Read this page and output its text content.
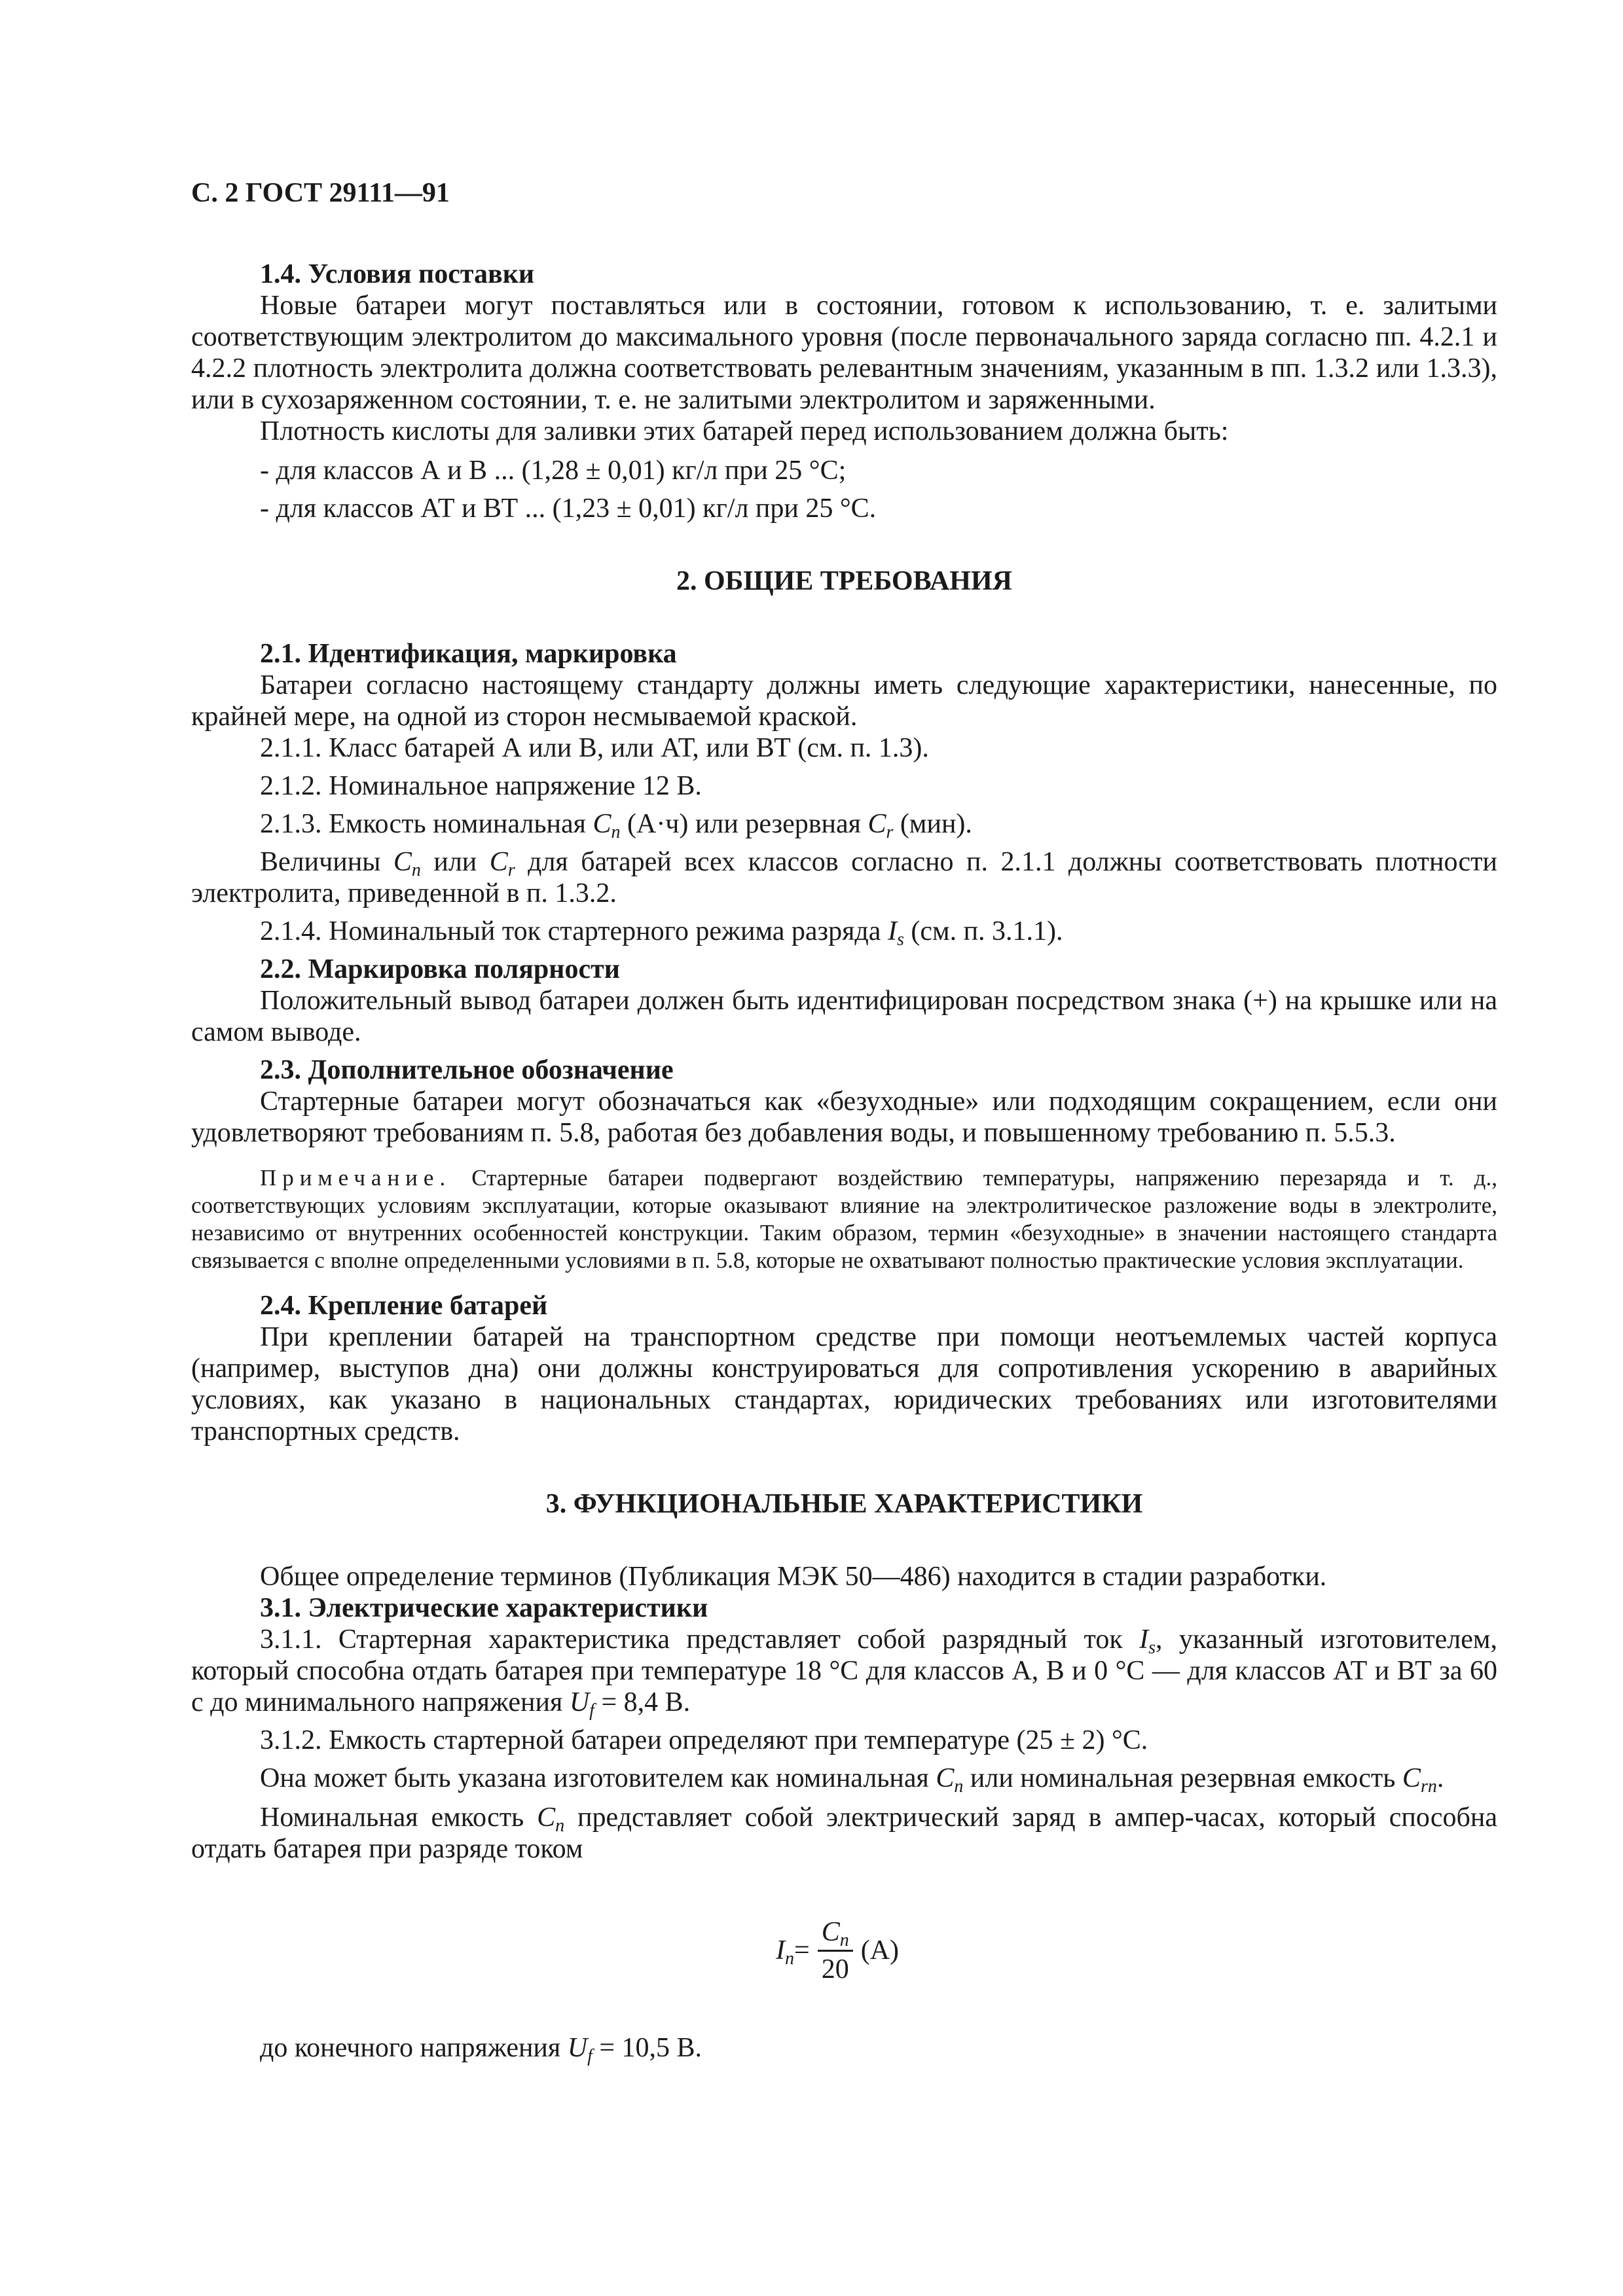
С. 2 ГОСТ 29111—91

1.4. Условия поставки

Новые батареи могут поставляться или в состоянии, готовом к использованию, т. е. залитыми соответствующим электролитом до максимального уровня (после первоначального заряда согласно пп. 4.2.1 и 4.2.2 плотность электролита должна соответствовать релевантным значениям, указанным в пп. 1.3.2 или 1.3.3), или в сухозаряженном состоянии, т. е. не залитыми электролитом и заряженными.

Плотность кислоты для заливки этих батарей перед использованием должна быть:

- для классов А и В ... (1,28 ± 0,01) кг/л при 25 °С;

- для классов АТ и ВТ ... (1,23 ± 0,01) кг/л при 25 °С.

2. ОБЩИЕ ТРЕБОВАНИЯ

2.1. Идентификация, маркировка

Батареи согласно настоящему стандарту должны иметь следующие характеристики, нанесенные, по крайней мере, на одной из сторон несмываемой краской.

2.1.1. Класс батарей А или В, или АТ, или ВТ (см. п. 1.3).

2.1.2. Номинальное напряжение 12 В.

2.1.3. Емкость номинальная $C_n$ (А·ч) или резервная $C_r$ (мин).

Величины $C_n$ или $C_r$ для батарей всех классов согласно п. 2.1.1 должны соответствовать плотности электролита, приведенной в п. 1.3.2.

2.1.4. Номинальный ток стартерного режима разряда $I_s$ (см. п. 3.1.1).

2.2. Маркировка полярности

Положительный вывод батареи должен быть идентифицирован посредством знака (+) на крышке или на самом выводе.

2.3. Дополнительное обозначение

Стартерные батареи могут обозначаться как «безуходные» или подходящим сокращением, если они удовлетворяют требованиям п. 5.8, работая без добавления воды, и повышенному требованию п. 5.5.3.

Примечание. Стартерные батареи подвергают воздействию температуры, напряжению перезаряда и т. д., соответствующих условиям эксплуатации, которые оказывают влияние на электролитическое разложение воды в электролите, независимо от внутренних особенностей конструкции. Таким образом, термин «безуходные» в значении настоящего стандарта связывается с вполне определенными условиями в п. 5.8, которые не охватывают полностью практические условия эксплуатации.

2.4. Крепление батарей

При креплении батарей на транспортном средстве при помощи неотъемлемых частей корпуса (например, выступов дна) они должны конструироваться для сопротивления ускорению в аварийных условиях, как указано в национальных стандартах, юридических требованиях или изготовителями транспортных средств.

3. ФУНКЦИОНАЛЬНЫЕ ХАРАКТЕРИСТИКИ

Общее определение терминов (Публикация МЭК 50—486) находится в стадии разработки.

3.1. Электрические характеристики

3.1.1. Стартерная характеристика представляет собой разрядный ток $I_s$, указанный изготовителем, который способна отдать батарея при температуре 18 °С для классов А, В и 0 °С — для классов АТ и ВТ за 60 с до минимального напряжения $U_f = 8,4$ В.

3.1.2. Емкость стартерной батареи определяют при температуре (25 ± 2) °С.

Она может быть указана изготовителем как номинальная $C_n$ или номинальная резервная емкость $C_{rn}$.

Номинальная емкость $C_n$ представляет собой электрический заряд в ампер-часах, который способна отдать батарея при разряде током

$I_n = \frac{C_n}{20} (А)$

до конечного напряжения $U_f = 10,5$ В.
